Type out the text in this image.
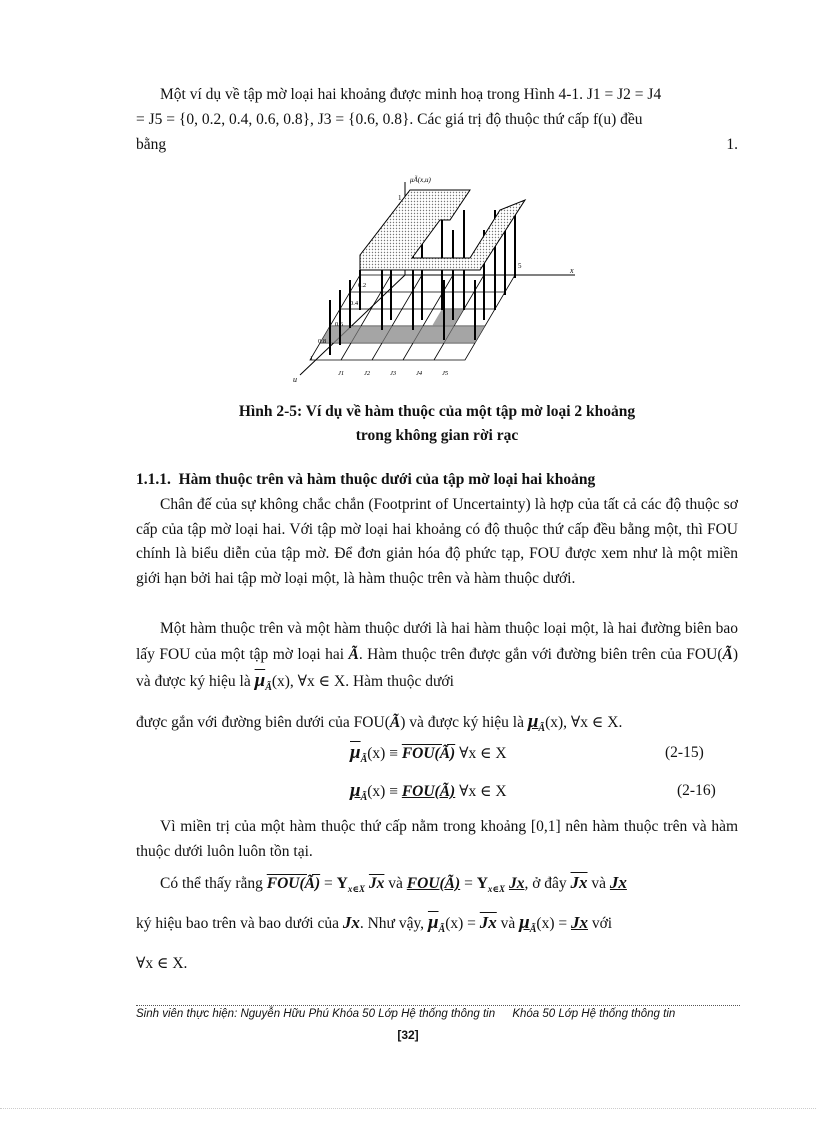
Một ví dụ về tập mờ loại hai khoảng được minh hoạ trong Hình 4-1. J1 = J2 = J4
= J5 = {0, 0.2, 0.4, 0.6, 0.8}, J3 = {0.6, 0.8}. Các giá trị độ thuộc thứ cấp f(u) đều
bằng	1.
μÃ(x,u)
x
u
1
5
0.2
0.4
0.6
0.8
1
J1	J2	J3	J4	J5
Hình 2-5: Ví dụ về hàm thuộc của một tập mờ loại 2 khoảng
trong không gian rời rạc
1.1.1. Hàm thuộc trên và hàm thuộc dưới của tập mờ loại hai khoảng
Chân đế của sự không chắc chắn (Footprint of Uncertainty) là hợp của tất cả các độ thuộc sơ cấp của tập mờ loại hai. Với tập mờ loại hai khoảng có độ thuộc thứ cấp đều bằng một, thì FOU chính là biểu diễn của tập mờ. Để đơn giản hóa độ phức tạp, FOU được xem như là một miền giới hạn bởi hai tập mờ loại một, là hàm thuộc trên và hàm thuộc dưới.
Một hàm thuộc trên và một hàm thuộc dưới là hai hàm thuộc loại một, là hai đường biên bao lấy FOU của một tập mờ loại hai Ã. Hàm thuộc trên được gắn với đường biên trên của FOU(Ã) và được ký hiệu là $\overline{\mu}_Ã(x)$, ∀x ∈ X. Hàm thuộc dưới
được gắn với đường biên dưới của FOU(Ã) và được ký hiệu là $\mu_Ã(x)$, ∀x ∈ X.
$\overline{\mu}_Ã(x)$ ≡ FOU(Ã) ∀x ∈ X	(2-15)
$\mu_Ã(x)$ ≡ FOU(Ã) ∀x ∈ X	(2-16)
Vì miền trị của một hàm thuộc thứ cấp nằm trong khoảng [0,1] nên hàm thuộc trên và hàm thuộc dưới luôn luôn tồn tại.
Có thể thấy rằng FOU(Ã) = $\Upsilon_{x\in X}$ $\overline{Jx}$ và FOU(Ã) = $\Upsilon_{x\in X}$ Jx, ở đây $\overline{Jx}$ và Jx
ký hiệu bao trên và bao dưới của Jx. Như vậy, $\overline{\mu}_Ã(x) = \overline{Jx}$ và $\mu_Ã(x) = Jx$ với
∀x ∈ X.
Sinh viên thực hiện: Nguyễn Hữu Phú Khóa 50 Lớp Hệ thống thông tin Khóa 50 Lớp Hệ thống thông tin
[32]
